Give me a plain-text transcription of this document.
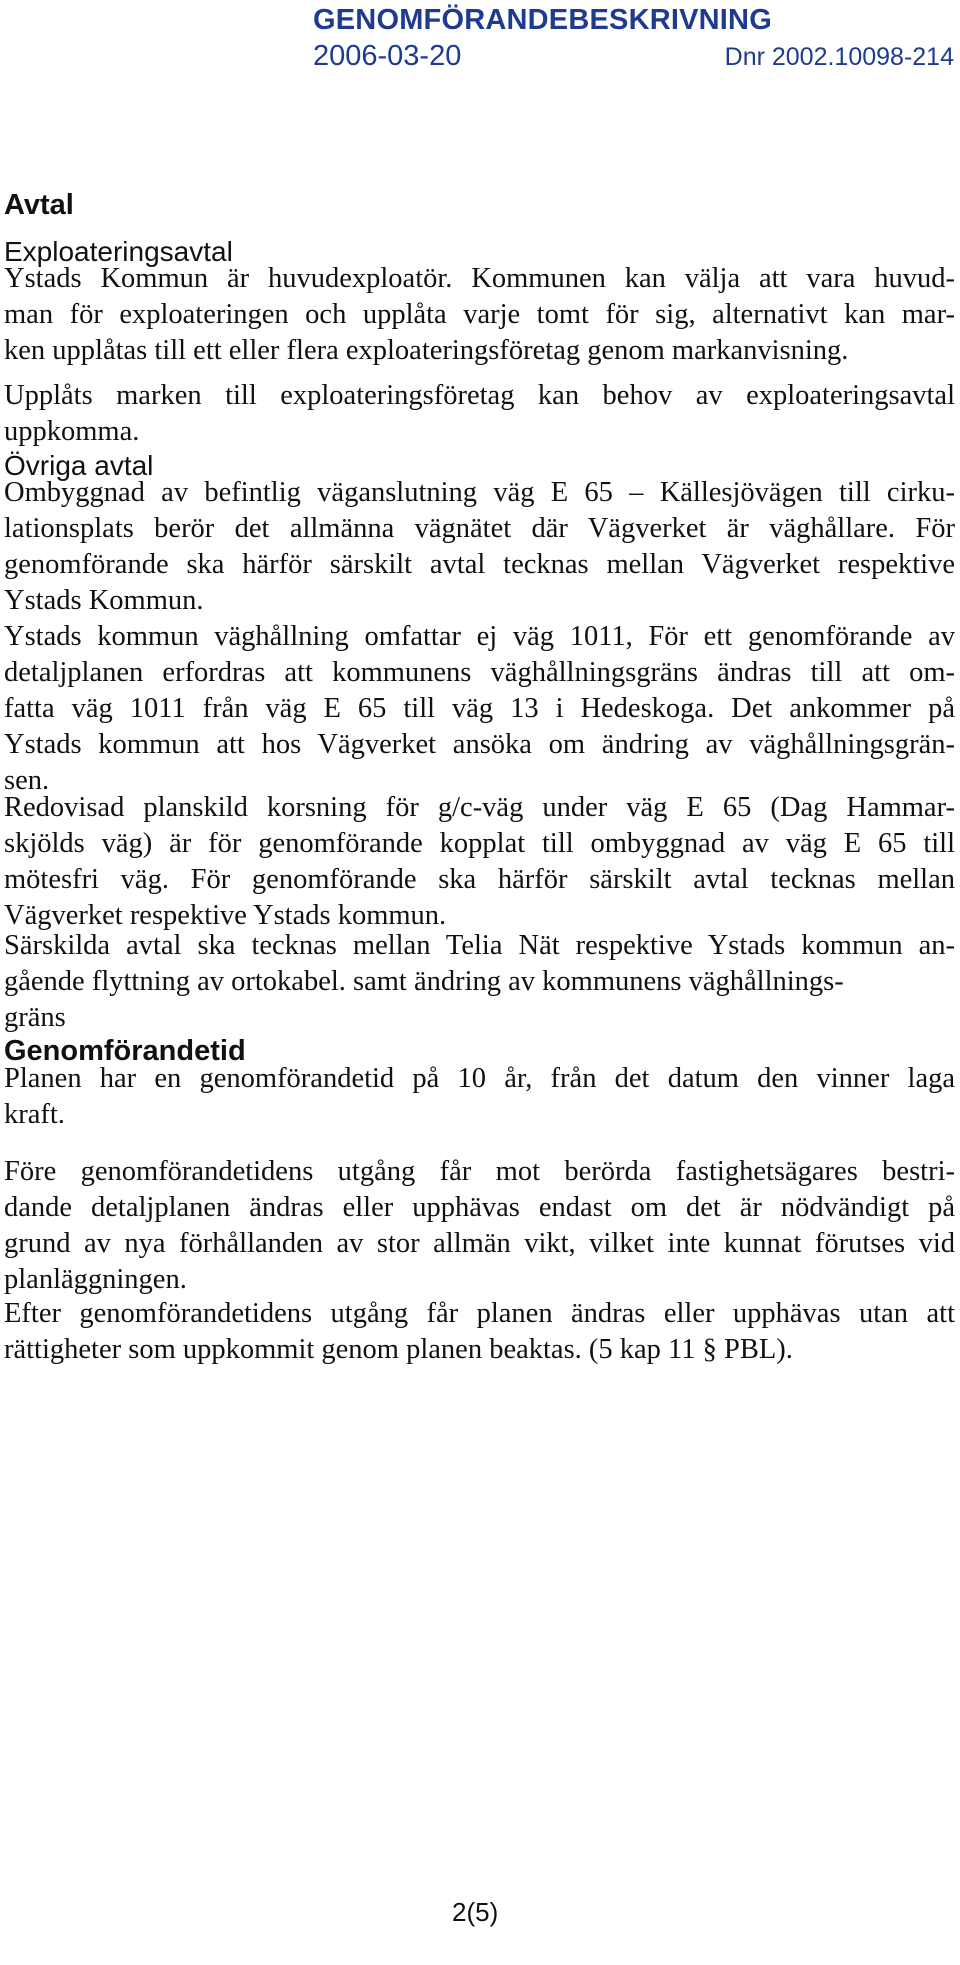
GENOMFÖRANDEBESKRIVNING
2006-03-20	Dnr 2002.10098-214
Avtal
Exploateringsavtal
Ystads Kommun är huvudexploatör. Kommunen kan välja att vara huvud-
man för exploateringen och upplåta varje tomt för sig, alternativt kan mar-
ken upplåtas till ett eller flera exploateringsföretag genom markanvisning.
Upplåts marken till exploateringsföretag kan behov av exploateringsavtal
uppkomma.
Övriga avtal
Ombyggnad av befintlig väganslutning väg E 65 – Källesjövägen till cirku-
lationsplats berör det allmänna vägnätet där Vägverket är väghållare. För
genomförande ska härför särskilt avtal tecknas mellan Vägverket respektive
Ystads Kommun.
Ystads kommun väghållning omfattar ej väg 1011, För ett genomförande av
detaljplanen erfordras att kommunens väghållningsgräns ändras till att om-
fatta väg 1011 från väg E 65 till väg 13 i Hedeskoga. Det ankommer på
Ystads kommun att hos Vägverket ansöka om ändring av väghållningsgrän-
sen.
Redovisad planskild korsning för g/c-väg under väg E 65 (Dag Hammar-
skjölds väg) är för genomförande kopplat till ombyggnad av väg E 65 till
mötesfri väg. För genomförande ska härför särskilt avtal tecknas mellan
Vägverket respektive Ystads kommun.
Särskilda avtal ska tecknas mellan Telia Nät respektive Ystads kommun an-
gående flyttning av ortokabel. samt ändring av kommunens väghållnings-
gräns
Genomförandetid
Planen har en genomförandetid på 10 år, från det datum den vinner laga
kraft.
Före genomförandetidens utgång får mot berörda fastighetsägares bestri-
dande detaljplanen ändras eller upphävas endast om det är nödvändigt på
grund av nya förhållanden av stor allmän vikt, vilket inte kunnat förutses vid
planläggningen.
Efter genomförandetidens utgång får planen ändras eller upphävas utan att
rättigheter som uppkommit genom planen beaktas. (5 kap 11 § PBL).
2(5)
